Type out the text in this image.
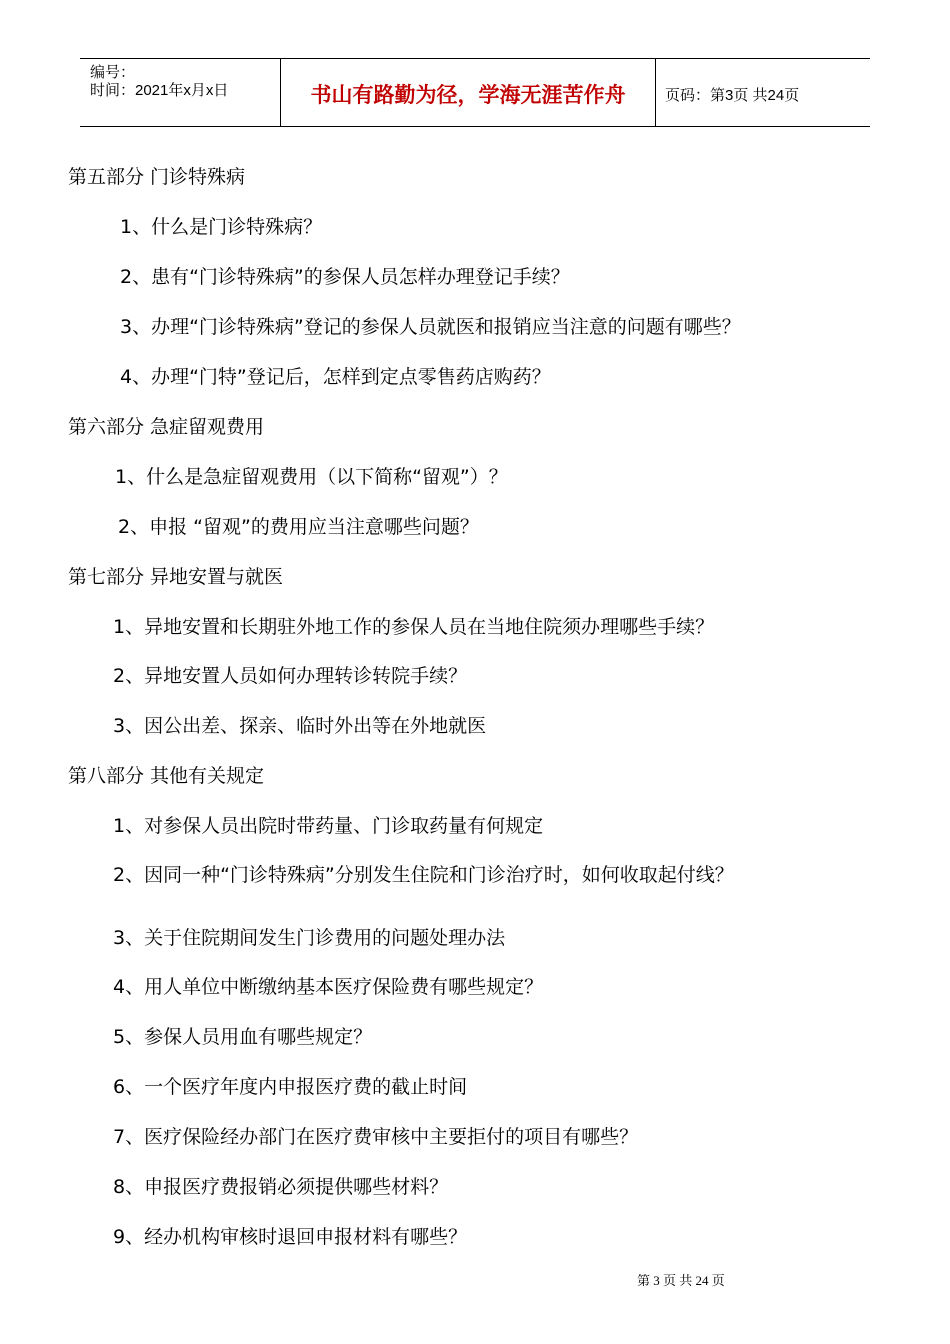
编号：
时间：2021年x月x日	书山有路勤为径，学海无涯苦作舟	页码：第3页 共24页
第五部分 门诊特殊病
1、什么是门诊特殊病？
2、患有“门诊特殊病”的参保人员怎样办理登记手续？
3、办理“门诊特殊病”登记的参保人员就医和报销应当注意的问题有哪些？
4、办理“门特”登记后，怎样到定点零售药店购药？
第六部分 急症留观费用
1、什么是急症留观费用（以下简称“留观”）？
2、申报 “留观”的费用应当注意哪些问题？
第七部分 异地安置与就医
1、异地安置和长期驻外地工作的参保人员在当地住院须办理哪些手续？
2、异地安置人员如何办理转诊转院手续？
3、因公出差、探亲、临时外出等在外地就医
第八部分 其他有关规定
1、对参保人员出院时带药量、门诊取药量有何规定
2、因同一种“门诊特殊病”分别发生住院和门诊治疗时，如何收取起付线？
3、关于住院期间发生门诊费用的问题处理办法
4、用人单位中断缴纳基本医疗保险费有哪些规定？
5、参保人员用血有哪些规定？
6、一个医疗年度内申报医疗费的截止时间
7、医疗保险经办部门在医疗费审核中主要拒付的项目有哪些？
8、申报医疗费报销必须提供哪些材料？
9、经办机构审核时退回申报材料有哪些？
第 3 页 共 24 页
